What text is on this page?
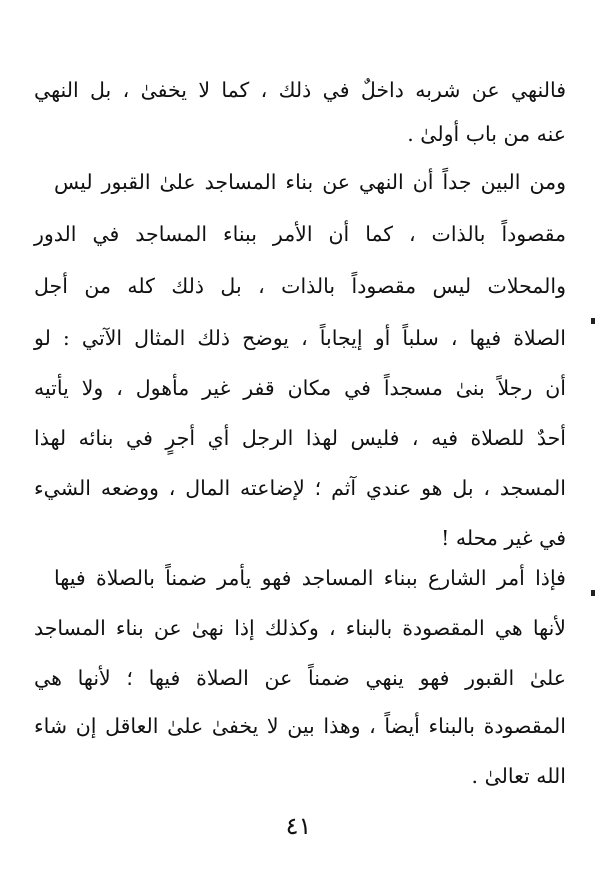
فالنهي عن شربه داخلٌ في ذلك ، كما لا يخفىٰ ، بل النهي
عنه من باب أولىٰ .
ومن البين جداً أن النهي عن بناء المساجد علىٰ القبور ليس
مقصوداً بالذات ، كما أن الأمر ببناء المساجد في الدور
والمحلات ليس مقصوداً بالذات ، بل ذلك كله من أجل
الصلاة فيها ، سلباً أو إيجاباً ، يوضح ذلك المثال الآتي : لو
أن رجلاً بنىٰ مسجداً في مكان قفر غير مأهول ، ولا يأتيه
أحدٌ للصلاة فيه ، فليس لهذا الرجل أي أجرٍ في بنائه لهذا
المسجد ، بل هو عندي آثم ؛ لإضاعته المال ، ووضعه الشيء
في غير محله !
فإذا أمر الشارع ببناء المساجد فهو يأمر ضمناً بالصلاة فيها
لأنها هي المقصودة بالبناء ، وكذلك إذا نهىٰ عن بناء المساجد
علىٰ القبور فهو ينهي ضمناً عن الصلاة فيها ؛ لأنها هي
المقصودة بالبناء أيضاً ، وهذا بين لا يخفىٰ علىٰ العاقل إن شاء
الله تعالىٰ .
٤١
